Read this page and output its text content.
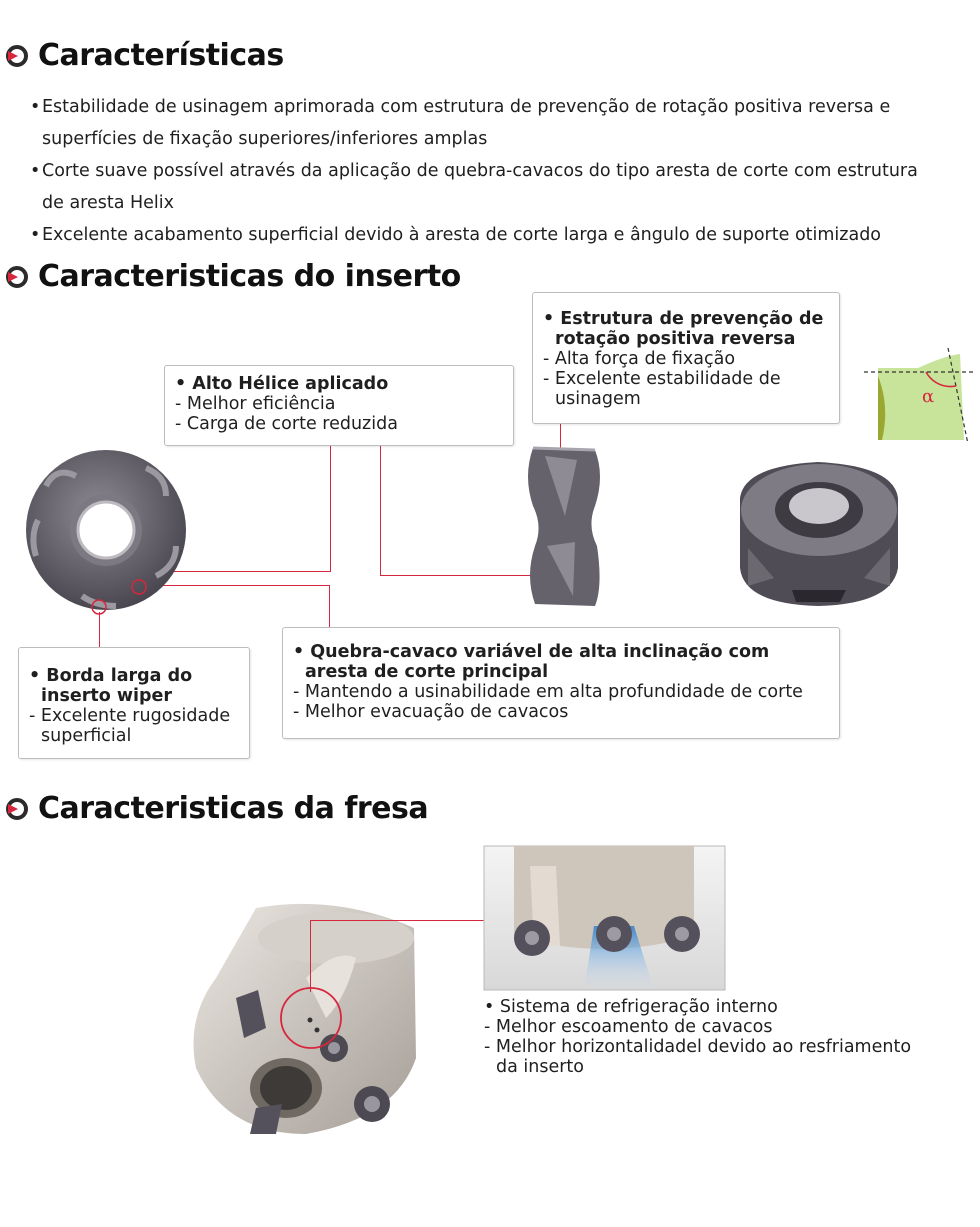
Características
• Estabilidade de usinagem aprimorada com estrutura de prevenção de rotação positiva reversa e superfícies de fixação superiores/inferiores amplas
• Corte suave possível através da aplicação de quebra-cavacos do tipo aresta de corte com estrutura de aresta Helix
• Excelente acabamento superficial devido à aresta de corte larga e ângulo de suporte otimizado
Caracteristicas do inserto
α
• Alto Hélice aplicado
- Melhor eficiência
- Carga de corte reduzida
• Estrutura de prevenção de rotação positiva reversa
- Alta força de fixação
- Excelente estabilidade de usinagem
• Borda larga do inserto wiper
- Excelente rugosidade superficial
• Quebra-cavaco variável de alta inclinação com aresta de corte principal
- Mantendo a usinabilidade em alta profundidade de corte
- Melhor evacuação de cavacos
Caracteristicas da fresa
• Sistema de refrigeração interno
- Melhor escoamento de cavacos
- Melhor horizontalidadel devido ao resfriamento da inserto
